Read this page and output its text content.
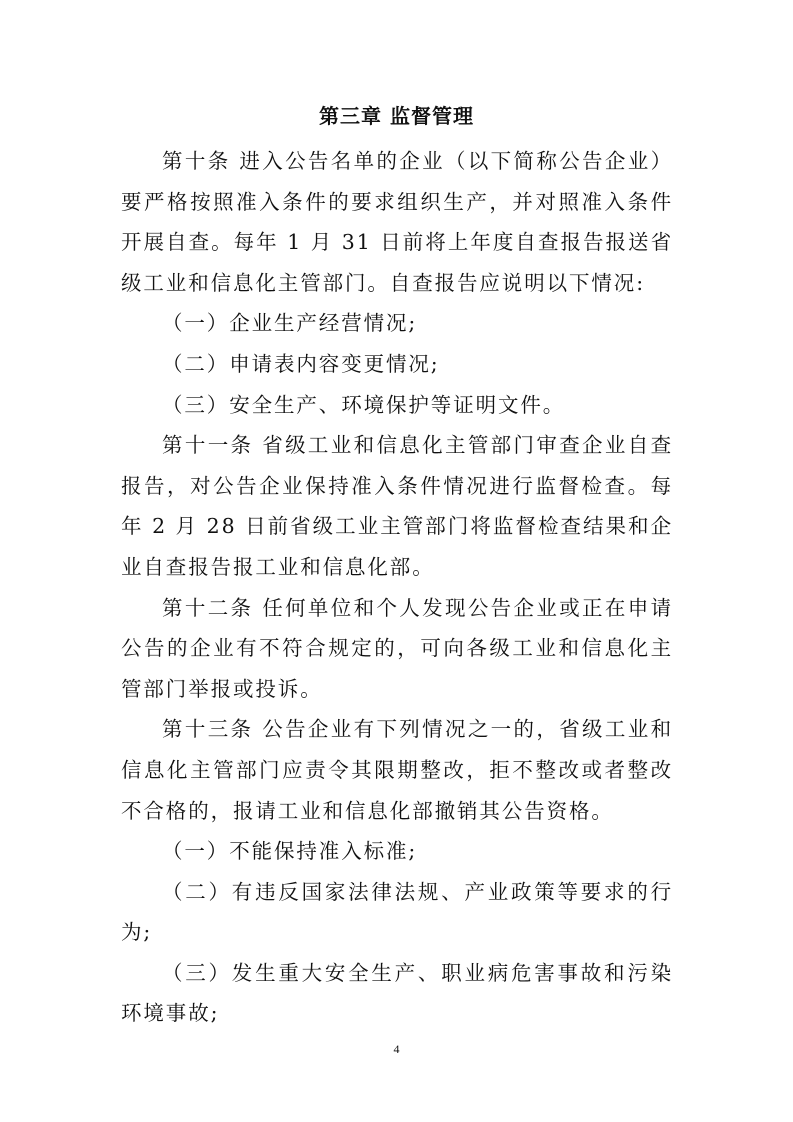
第三章 监督管理

第十条 进入公告名单的企业（以下简称公告企业）要严格按照准入条件的要求组织生产，并对照准入条件开展自查。每年 1 月 31 日前将上年度自查报告报送省级工业和信息化主管部门。自查报告应说明以下情况:

（一）企业生产经营情况;

（二）申请表内容变更情况;

（三）安全生产、环境保护等证明文件。

第十一条 省级工业和信息化主管部门审查企业自查报告，对公告企业保持准入条件情况进行监督检查。每年 2 月 28 日前省级工业主管部门将监督检查结果和企业自查报告报工业和信息化部。

第十二条 任何单位和个人发现公告企业或正在申请公告的企业有不符合规定的，可向各级工业和信息化主管部门举报或投诉。

第十三条 公告企业有下列情况之一的，省级工业和信息化主管部门应责令其限期整改，拒不整改或者整改不合格的，报请工业和信息化部撤销其公告资格。

（一）不能保持准入标准;

（二）有违反国家法律法规、产业政策等要求的行为;

（三）发生重大安全生产、职业病危害事故和污染环境事故;

4
